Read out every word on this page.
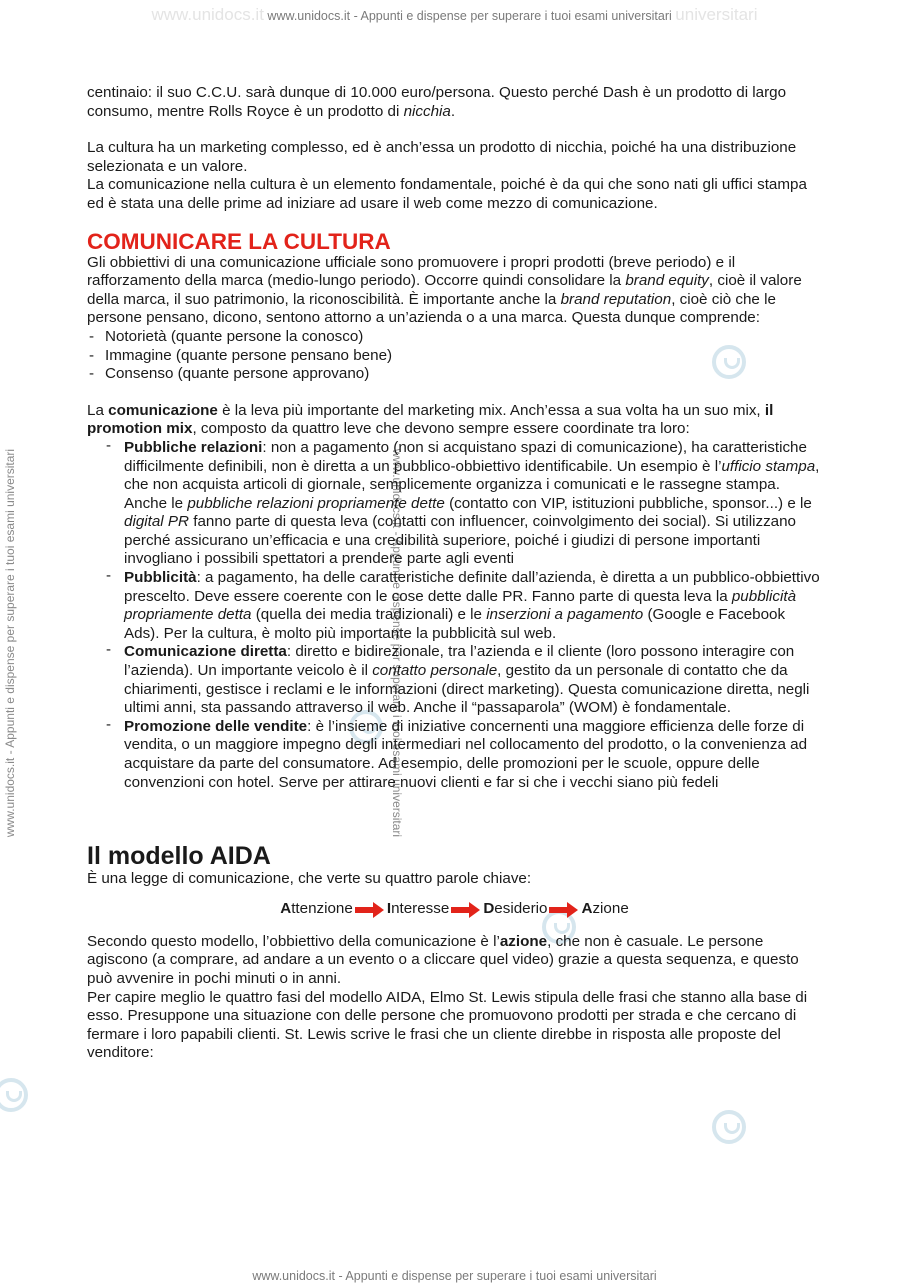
www.unidocs.it www.unidocs.it - Appunti e dispense per superare i tuoi esami universitari universitari
www.unidocs.it - Appunti e dispense per superare i tuoi esami universitari	www.unidocs.it - Appunti e dispense per superare i tuoi esami universitari
www.unidocs.it - Appunti e dispense per superare i tuoi esami universitari

centinaio: il suo C.C.U. sarà dunque di 10.000 euro/persona. Questo perché Dash è un prodotto di largo consumo, mentre Rolls Royce è un prodotto di nicchia.

La cultura ha un marketing complesso, ed è anch’essa un prodotto di nicchia, poiché ha una distribuzione selezionata e un valore.

La comunicazione nella cultura è un elemento fondamentale, poiché è da qui che sono nati gli uffici stampa ed è stata una delle prime ad iniziare ad usare il web come mezzo di comunicazione.

COMUNICARE LA CULTURA

Gli obbiettivi di una comunicazione ufficiale sono promuovere i propri prodotti (breve periodo) e il rafforzamento della marca (medio-lungo periodo). Occorre quindi consolidare la brand equity, cioè il valore della marca, il suo patrimonio, la riconoscibilità. È importante anche la brand reputation, cioè ciò che le persone pensano, dicono, sentono attorno a un’azienda o a una marca. Questa dunque comprende:

- Notorietà (quante persone la conosco)
- Immagine (quante persone pensano bene)
- Consenso (quante persone approvano)

La comunicazione è la leva più importante del marketing mix. Anch’essa a sua volta ha un suo mix, il promotion mix, composto da quattro leve che devono sempre essere coordinate tra loro:

- Pubbliche relazioni: non a pagamento (non si acquistano spazi di comunicazione), ha caratteristiche difficilmente definibili, non è diretta a un pubblico-obbiettivo identificabile. Un esempio è l’ufficio stampa, che non acquista articoli di giornale, semplicemente organizza i comunicati e le rassegne stampa. Anche le pubbliche relazioni propriamente dette (contatto con VIP, istituzioni pubbliche, sponsor...) e le digital PR fanno parte di questa leva (contatti con influencer, coinvolgimento dei social). Si utilizzano perché assicurano un’efficacia e una credibilità superiore, poiché i giudizi di persone importanti invogliano i possibili spettatori a prendere parte agli eventi
- Pubblicità: a pagamento, ha delle caratteristiche definite dall’azienda, è diretta a un pubblico-obbiettivo prescelto. Deve essere coerente con le cose dette dalle PR. Fanno parte di questa leva la pubblicità propriamente detta (quella dei media tradizionali) e le inserzioni a pagamento (Google e Facebook Ads). Per la cultura, è molto più importante la pubblicità sul web.
- Comunicazione diretta: diretto e bidirezionale, tra l’azienda e il cliente (loro possono interagire con l’azienda). Un importante veicolo è il contatto personale, gestito da un personale di contatto che da chiarimenti, gestisce i reclami e le informazioni (direct marketing). Questa comunicazione diretta, negli ultimi anni, sta passando attraverso il web. Anche il “passaparola” (WOM) è fondamentale.
- Promozione delle vendite: è l’insieme di iniziative concernenti una maggiore efficienza delle forze di vendita, o un maggiore impegno degli intermediari nel collocamento del prodotto, o la convenienza ad acquistare da parte del consumatore. Ad esempio, delle promozioni per le scuole, oppure delle convenzioni con hotel. Serve per attirare nuovi clienti e far si che i vecchi siano più fedeli
Il modello AIDA

È una legge di comunicazione, che verte su quattro parole chiave:

Attenzione Interesse Desiderio Azione

Secondo questo modello, l’obbiettivo della comunicazione è l’azione, che non è casuale. Le persone agiscono (a comprare, ad andare a un evento o a cliccare quel video) grazie a questa sequenza, e questo può avvenire in pochi minuti o in anni.

Per capire meglio le quattro fasi del modello AIDA, Elmo St. Lewis stipula delle frasi che stanno alla base di esso. Presuppone una situazione con delle persone che promuovono prodotti per strada e che cercano di fermare i loro papabili clienti. St. Lewis scrive le frasi che un cliente direbbe in risposta alle proposte del venditore:
